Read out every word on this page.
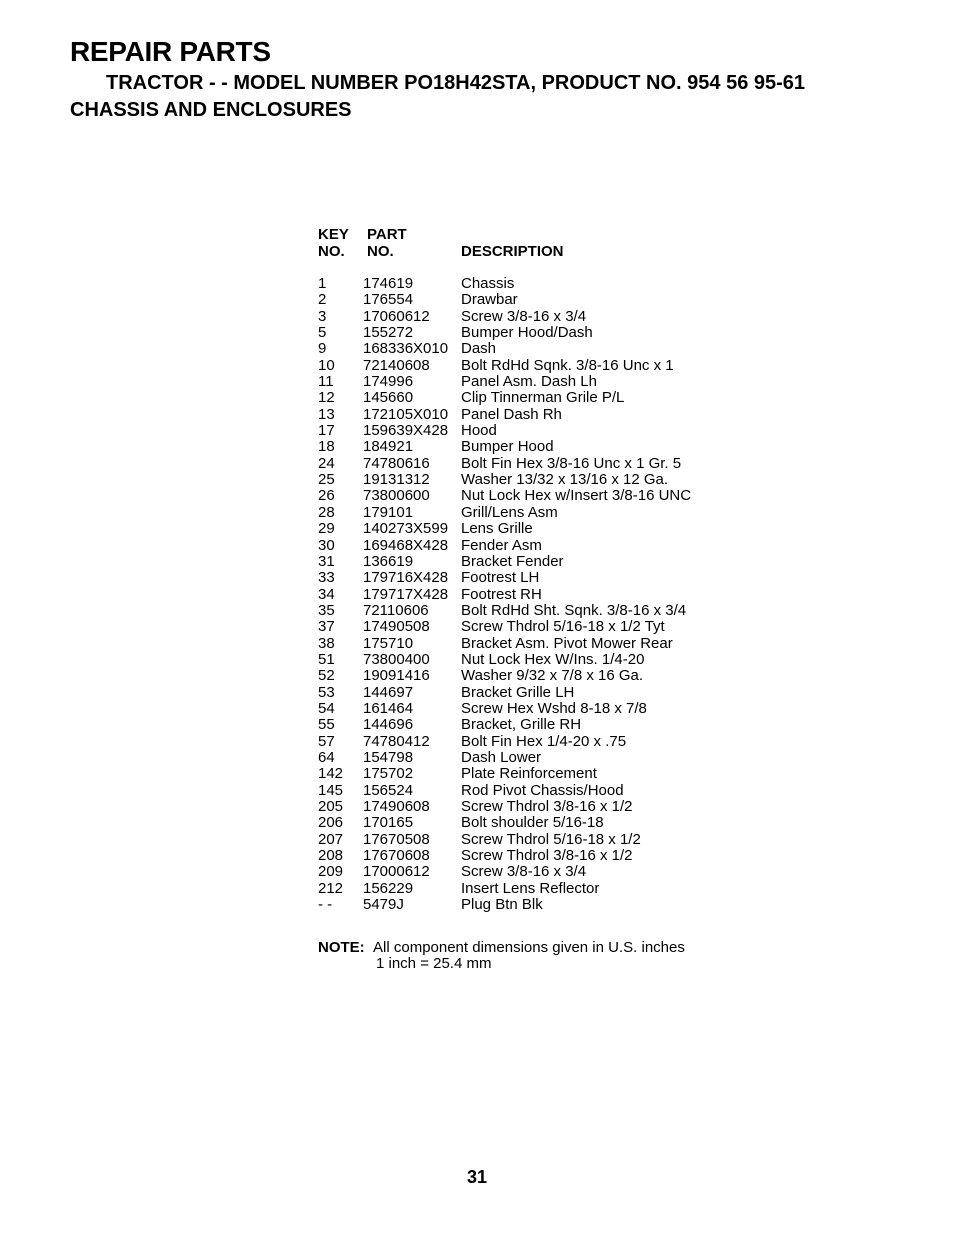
REPAIR PARTS
TRACTOR - - MODEL NUMBER PO18H42STA, PRODUCT NO. 954 56 95-61
CHASSIS AND ENCLOSURES
KEY
NO.
PART
NO.	DESCRIPTION
1 174619	Chassis
2 176554	Drawbar
3 17060612 Screw 3/8-16 x 3/4
5 155272	Bumper Hood/Dash
9 168336X010 Dash
10 72140608 Bolt RdHd Sqnk. 3/8-16 Unc x 1
11 174996	Panel Asm. Dash Lh
12 145660	Clip Tinnerman Grile P/L
13 172105X010 Panel Dash Rh
17 159639X428 Hood
18 184921	Bumper Hood
24 74780616 Bolt Fin Hex 3/8-16 Unc x 1 Gr. 5
25 19131312 Washer 13/32 x 13/16 x 12 Ga.
26 73800600 Nut Lock Hex w/Insert 3/8-16 UNC
28 179101	Grill/Lens Asm
29 140273X599 Lens Grille
30 169468X428 Fender Asm
31 136619	Bracket Fender
33 179716X428 Footrest LH
34 179717X428 Footrest RH
35 72110606 Bolt RdHd Sht. Sqnk. 3/8-16 x 3/4
37 17490508 Screw Thdrol 5/16-18 x 1/2 Tyt
38 175710	Bracket Asm. Pivot Mower Rear
51 73800400 Nut Lock Hex W/Ins. 1/4-20
52 19091416 Washer 9/32 x 7/8 x 16 Ga.
53 144697	Bracket Grille LH
54 161464	Screw Hex Wshd 8-18 x 7/8
55 144696	Bracket, Grille RH
57 74780412 Bolt Fin Hex 1/4-20 x .75
64 154798	Dash Lower
142 175702	Plate Reinforcement
145 156524	Rod Pivot Chassis/Hood
205 17490608 Screw Thdrol 3/8-16 x 1/2
206 170165	Bolt shoulder 5/16-18
207 17670508 Screw Thdrol 5/16-18 x 1/2
208 17670608 Screw Thdrol 3/8-16 x 1/2
209 17000612 Screw 3/8-16 x 3/4
212 156229	Insert Lens Reflector
- - 5479J	Plug Btn Blk
NOTE: All component dimensions given in U.S. inches
1 inch = 25.4 mm
31
